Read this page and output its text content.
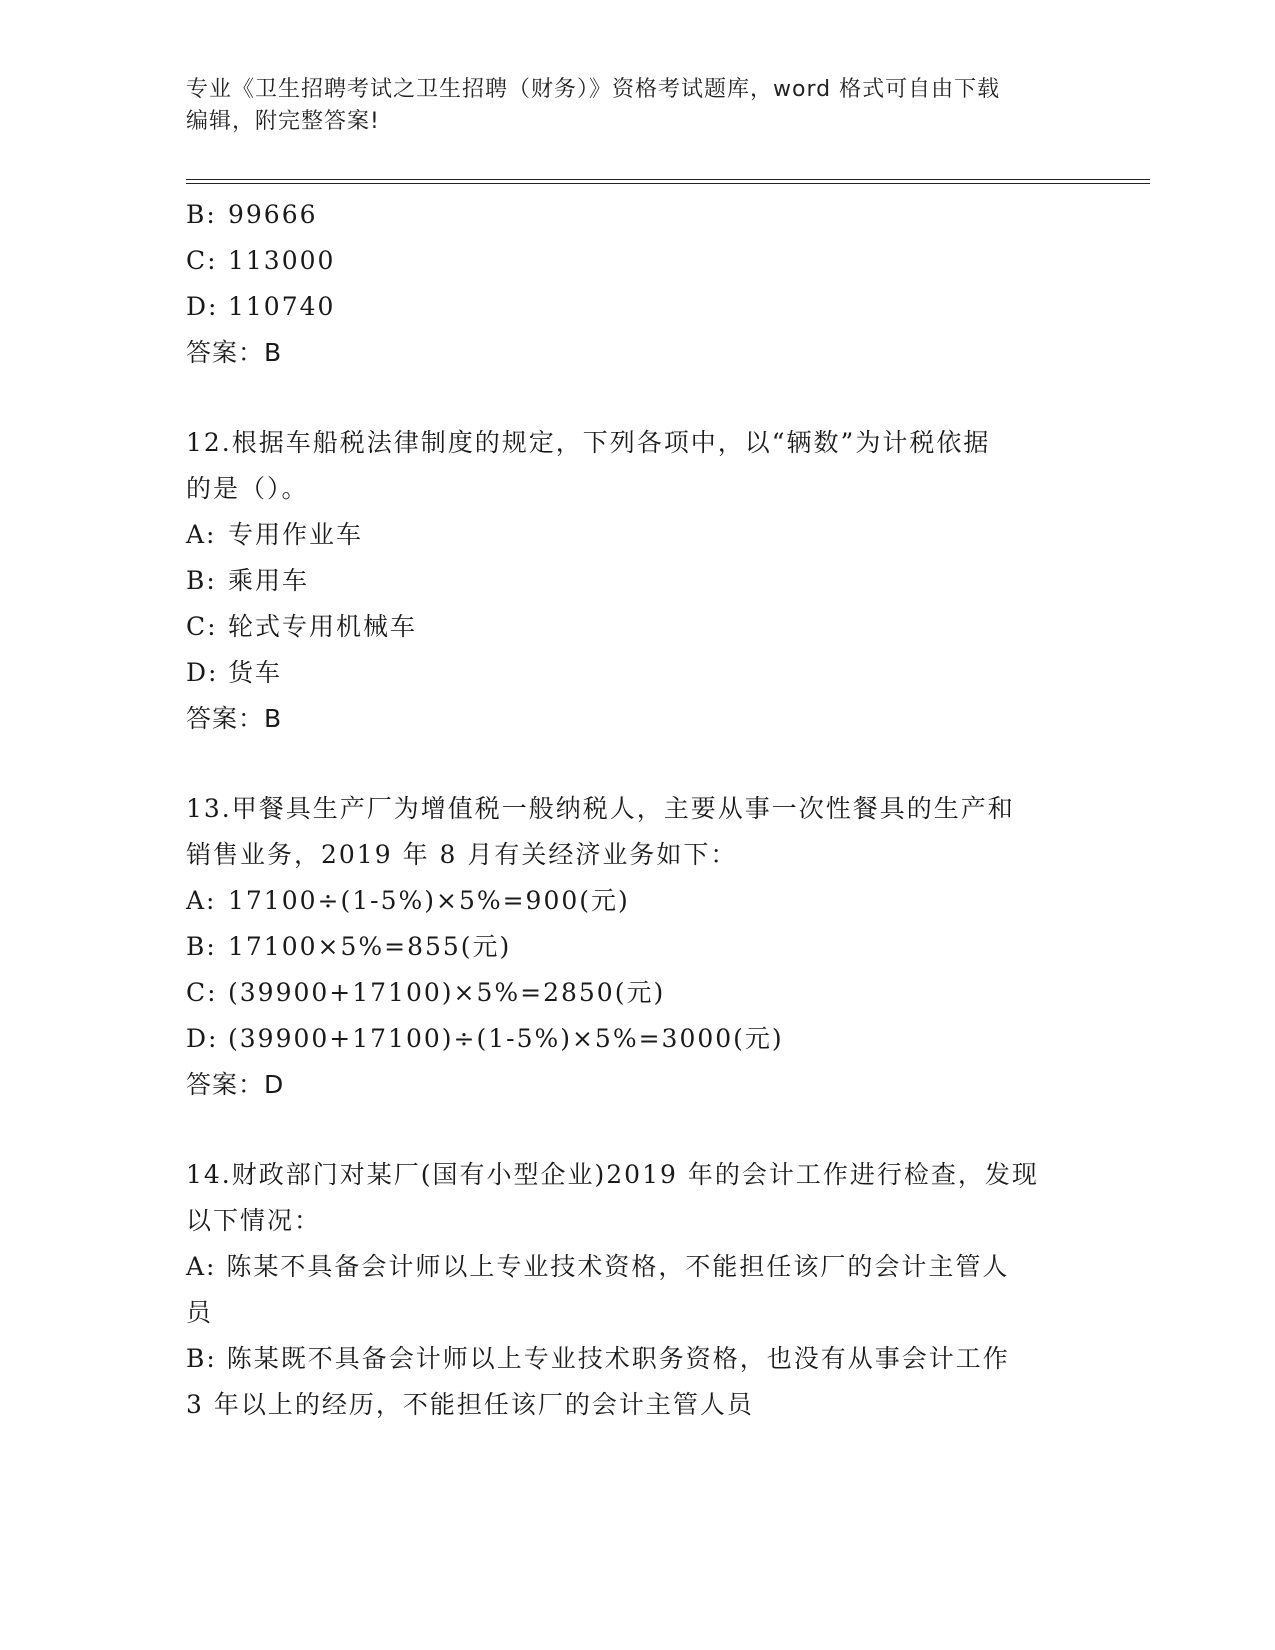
专业《卫生招聘考试之卫生招聘（财务）》资格考试题库，word 格式可自由下载
编辑，附完整答案!
B: 99666
C: 113000
D: 110740
答案：B
12.根据车船税法律制度的规定，下列各项中，以“辆数”为计税依据
的是（）。
A: 专用作业车
B: 乘用车
C: 轮式专用机械车
D: 货车
答案：B
13.甲餐具生产厂为增值税一般纳税人，主要从事一次性餐具的生产和
销售业务，2019 年 8 月有关经济业务如下：
A: 17100÷(1-5%)×5%=900(元)
B: 17100×5%=855(元)
C: (39900+17100)×5%=2850(元)
D: (39900+17100)÷(1-5%)×5%=3000(元)
答案：D
14.财政部门对某厂(国有小型企业)2019 年的会计工作进行检查，发现
以下情况：
A: 陈某不具备会计师以上专业技术资格，不能担任该厂的会计主管人
员
B: 陈某既不具备会计师以上专业技术职务资格，也没有从事会计工作
3 年以上的经历，不能担任该厂的会计主管人员
